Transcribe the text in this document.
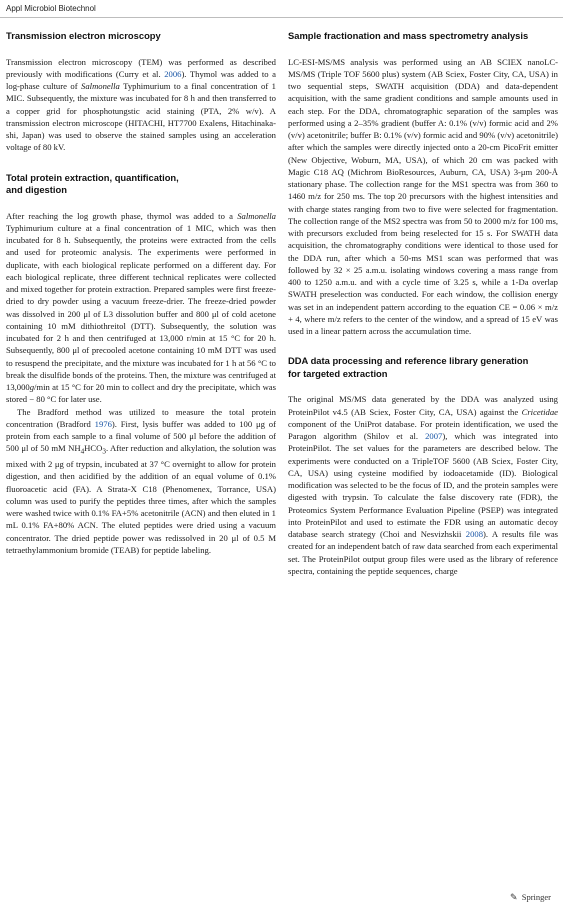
Appl Microbiol Biotechnol
Transmission electron microscopy

Transmission electron microscopy (TEM) was performed as described previously with modifications (Curry et al. 2006). Thymol was added to a log-phase culture of Salmonella Typhimurium to a final concentration of 1 MIC. Subsequently, the mixture was incubated for 8 h and then transferred to a copper grid for phosphotungstic acid staining (PTA, 2% w/v). A transmission electron microscope (HITACHI, HT7700 Exalens, Hitachinaka-shi, Japan) was used to observe the stained samples using an acceleration voltage of 80 kV.

Total protein extraction, quantification,
and digestion

After reaching the log growth phase, thymol was added to a Salmonella Typhimurium culture at a final concentration of 1 MIC, which was then incubated for 8 h. Subsequently, the proteins were extracted from the cells and used for proteomic analysis. The experiments were performed in duplicate, with each biological replicate performed on a different day. For each biological replicate, three different technical replicates were collected and mixed together for protein extraction. Prepared samples were first freeze-dried to dry powder using a vacuum freeze-drier. The freeze-dried powder was dissolved in 200 μl of L3 dissolution buffer and 800 μl of cold acetone containing 10 mM dithiothreitol (DTT). Subsequently, the solution was incubated for 2 h and then centrifuged at 13,000 r/min at 15 °C for 20 h. Subsequently, 800 μl of precooled acetone containing 10 mM DTT was used to resuspend the precipitate, and the mixture was incubated for 1 h at 56 °C to break the disulfide bonds of the proteins. Then, the mixture was centrifuged at 13,000g/min at 15 °C for 20 min to collect and dry the precipitate, which was stored − 80 °C for later use.

The Bradford method was utilized to measure the total protein concentration (Bradford 1976). First, lysis buffer was added to 100 μg of protein from each sample to a final volume of 500 μl before the addition of 500 μl of 50 mM $NH_4HCO_3$. After reduction and alkylation, the solution was mixed with 2 μg of trypsin, incubated at 37 °C overnight to allow for protein digestion, and then acidified by the addition of an equal volume of 0.1% fluoroacetic acid (FA). A Strata-X C18 (Phenomenex, Torrance, USA) column was used to purify the peptides three times, after which the samples were washed twice with 0.1% FA+5% acetonitrile (ACN) and then eluted in 1 mL 0.1% FA+80% ACN. The eluted peptides were dried using a vacuum concentrator. The dried peptide power was redissolved in 20 μl of 0.5 M tetraethylammonium bromide (TEAB) for peptide labeling.

Sample fractionation and mass spectrometry analysis

LC-ESI-MS/MS analysis was performed using an AB SCIEX nanoLC-MS/MS (Triple TOF 5600 plus) system (AB Sciex, Foster City, CA, USA) in two sequential steps, SWATH acquisition (DDA) and data-dependent acquisition, with the same gradient conditions and sample amounts used in each step. For the DDA, chromatographic separation of the samples was performed using a 2–35% gradient (buffer A: 0.1% (v/v) formic acid and 2% (v/v) acetonitrile; buffer B: 0.1% (v/v) formic acid and 90% (v/v) acetonitrile) after which the samples were directly injected onto a 20-cm PicoFrit emitter (New Objective, Woburn, MA, USA), of which 20 cm was packed with Magic C18 AQ (Michrom BioResources, Auburn, CA, USA) 3-μm 200-Å stationary phase. The collection range for the MS1 spectra was from 360 to 1460 m/z for 250 ms. The top 20 precursors with the highest intensities and with charge states ranging from two to five were selected for fragmentation. The collection range of the MS2 spectra was from 50 to 2000 m/z for 100 ms, with precursors excluded from being reselected for 15 s. For SWATH data acquisition, the chromatography conditions were identical to those used for the DDA run, after which a 50-ms MS1 scan was performed that was followed by 32 × 25 a.m.u. isolating windows covering a mass range from 400 to 1250 a.m.u. and with a cycle time of 3.25 s, while a 1-Da overlap SWATH preselection was conducted. For each window, the collision energy was set in an independent pattern according to the equation CE = 0.06 × m/z + 4, where m/z refers to the center of the window, and a spread of 15 eV was used in a linear pattern across the accumulation time.

DDA data processing and reference library generation
for targeted extraction

The original MS/MS data generated by the DDA was analyzed using ProteinPilot v4.5 (AB Sciex, Foster City, CA, USA) against the Cricetidae component of the UniProt database. For protein identification, we used the Paragon algorithm (Shilov et al. 2007), which was integrated into ProteinPilot. The set values for the parameters are described below. The experiments were conducted on a TripleTOF 5600 (AB Sciex, Foster City, CA, USA) using cysteine modified by iodoacetamide (ID). Biological modification was selected to be the focus of ID, and the protein samples were digested with trypsin. To calculate the false discovery rate (FDR), the Proteomics System Performance Evaluation Pipeline (PSEP) was integrated into ProteinPilot and used to estimate the FDR using an automatic decoy database search strategy (Choi and Nesvizhskii 2008). A results file was created for an independent batch of raw data searched from each experimental set. The ProteinPilot output group files were used as the library of reference spectra, containing the peptide sequences, charge

✎ Springer
